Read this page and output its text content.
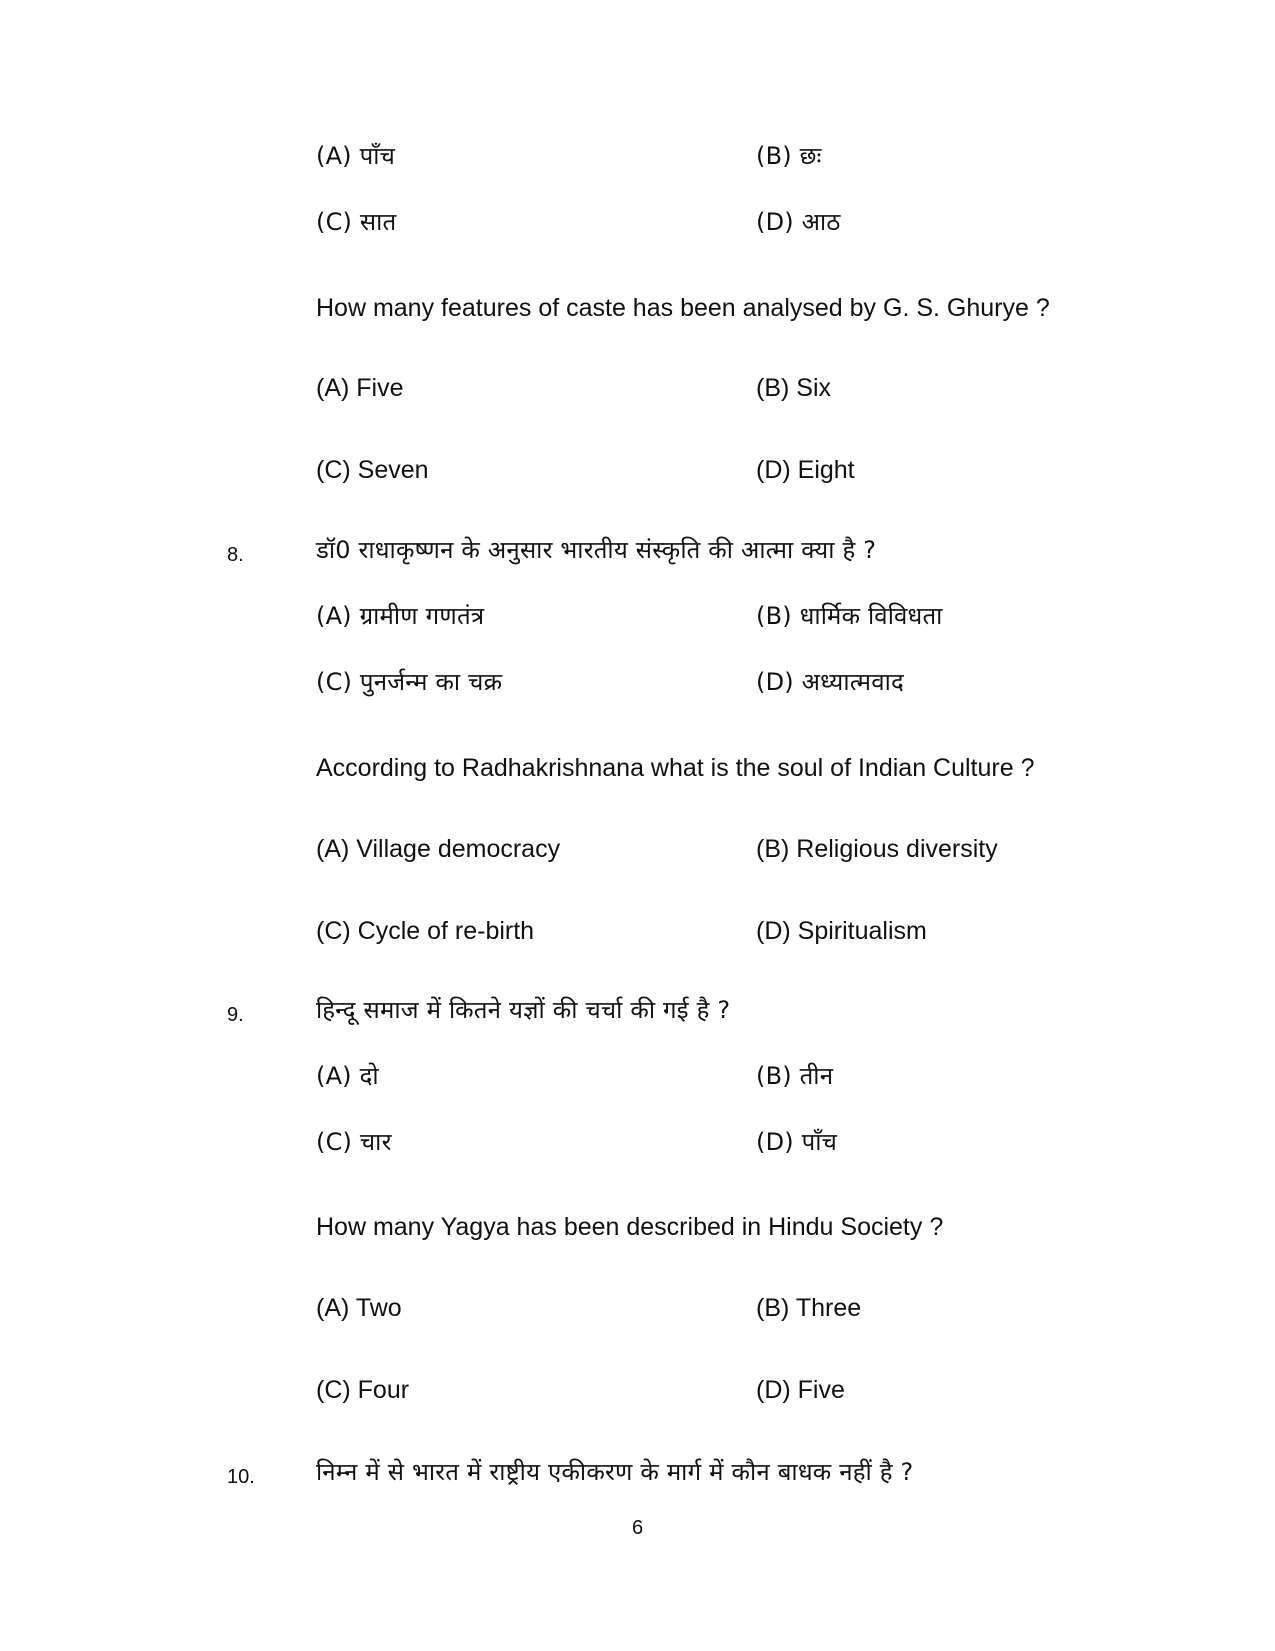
(A) पाँच	(B) छः
(C) सात	(D) आठ
How many features of caste has been analysed by G. S. Ghurye ?
(A) Five	(B) Six
(C) Seven	(D) Eight
8.	डॉ0 राधाकृष्णन के अनुसार भारतीय संस्कृति की आत्मा क्या है ?
(A) ग्रामीण गणतंत्र	(B) धार्मिक विविधता
(C) पुनर्जन्म का चक्र	(D) अध्यात्मवाद
According to Radhakrishnana what is the soul of Indian Culture ?
(A) Village democracy	(B) Religious diversity
(C) Cycle of re-birth	(D) Spiritualism
9.	हिन्दू समाज में कितने यज्ञों की चर्चा की गई है ?
(A) दो	(B) तीन
(C) चार	(D) पाँच
How many Yagya has been described in Hindu Society ?
(A) Two	(B) Three
(C) Four	(D) Five
10.	निम्न में से भारत में राष्ट्रीय एकीकरण के मार्ग में कौन बाधक नहीं है ?
6
